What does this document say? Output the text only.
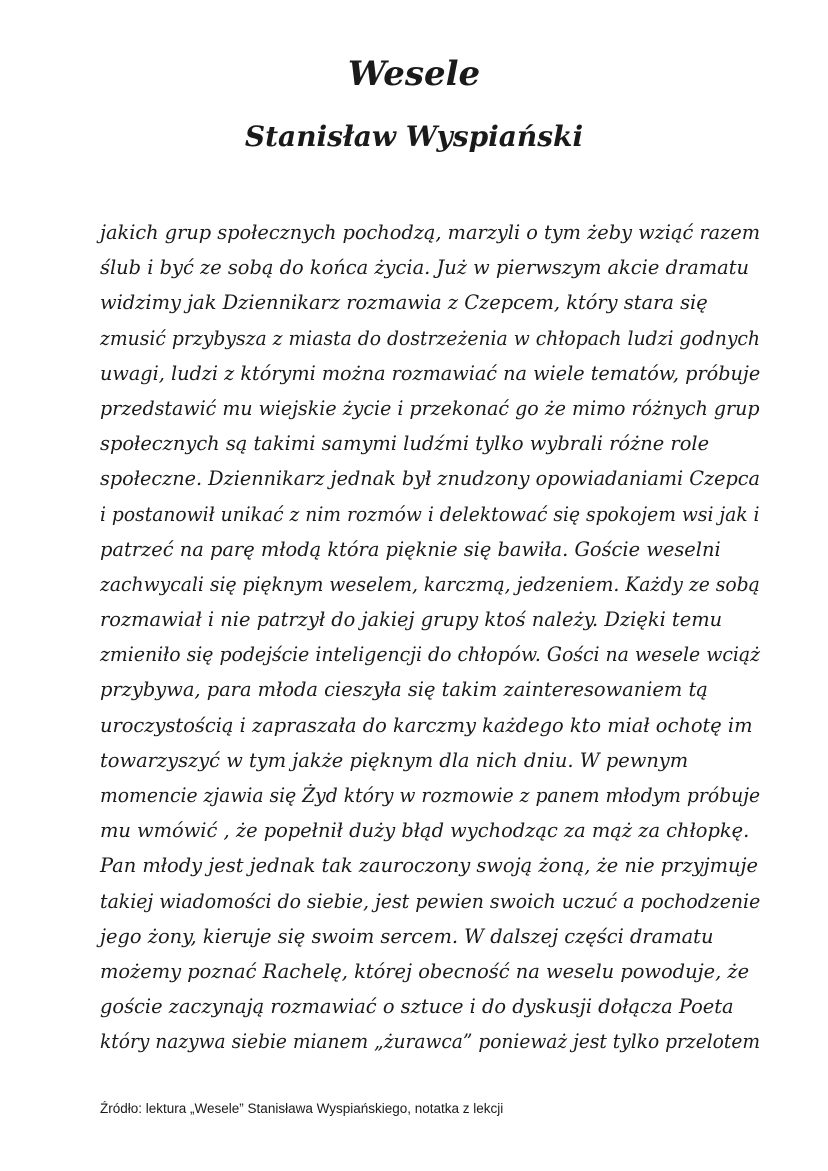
Wesele
Stanisław Wyspiański
jakich grup społecznych pochodzą, marzyli o tym żeby wziąć razem
ślub i być ze sobą do końca życia. Już w pierwszym akcie dramatu
widzimy jak Dziennikarz rozmawia z Czepcem, który stara się
zmusić przybysza z miasta do dostrzeżenia w chłopach ludzi godnych
uwagi, ludzi z którymi można rozmawiać na wiele tematów, próbuje
przedstawić mu wiejskie życie i przekonać go że mimo różnych grup
społecznych są takimi samymi ludźmi tylko wybrali różne role
społeczne. Dziennikarz jednak był znudzony opowiadaniami Czepca
i postanowił unikać z nim rozmów i delektować się spokojem wsi jak i
patrzeć na parę młodą która pięknie się bawiła. Goście weselni
zachwycali się pięknym weselem, karczmą, jedzeniem. Każdy ze sobą
rozmawiał i nie patrzył do jakiej grupy ktoś należy. Dzięki temu
zmieniło się podejście inteligencji do chłopów. Gości na wesele wciąż
przybywa, para młoda cieszyła się takim zainteresowaniem tą
uroczystością i zapraszała do karczmy każdego kto miał ochotę im
towarzyszyć w tym jakże pięknym dla nich dniu. W pewnym
momencie zjawia się Żyd który w rozmowie z panem młodym próbuje
mu wmówić , że popełnił duży błąd wychodząc za mąż za chłopkę.
Pan młody jest jednak tak zauroczony swoją żoną, że nie przyjmuje
takiej wiadomości do siebie, jest pewien swoich uczuć a pochodzenie
jego żony, kieruje się swoim sercem. W dalszej części dramatu
możemy poznać Rachelę, której obecność na weselu powoduje, że
goście zaczynają rozmawiać o sztuce i do dyskusji dołącza Poeta
który nazywa siebie mianem „żurawca” ponieważ jest tylko przelotem

Źródło: lektura „Wesele” Stanisława Wyspiańskiego, notatka z lekcji
